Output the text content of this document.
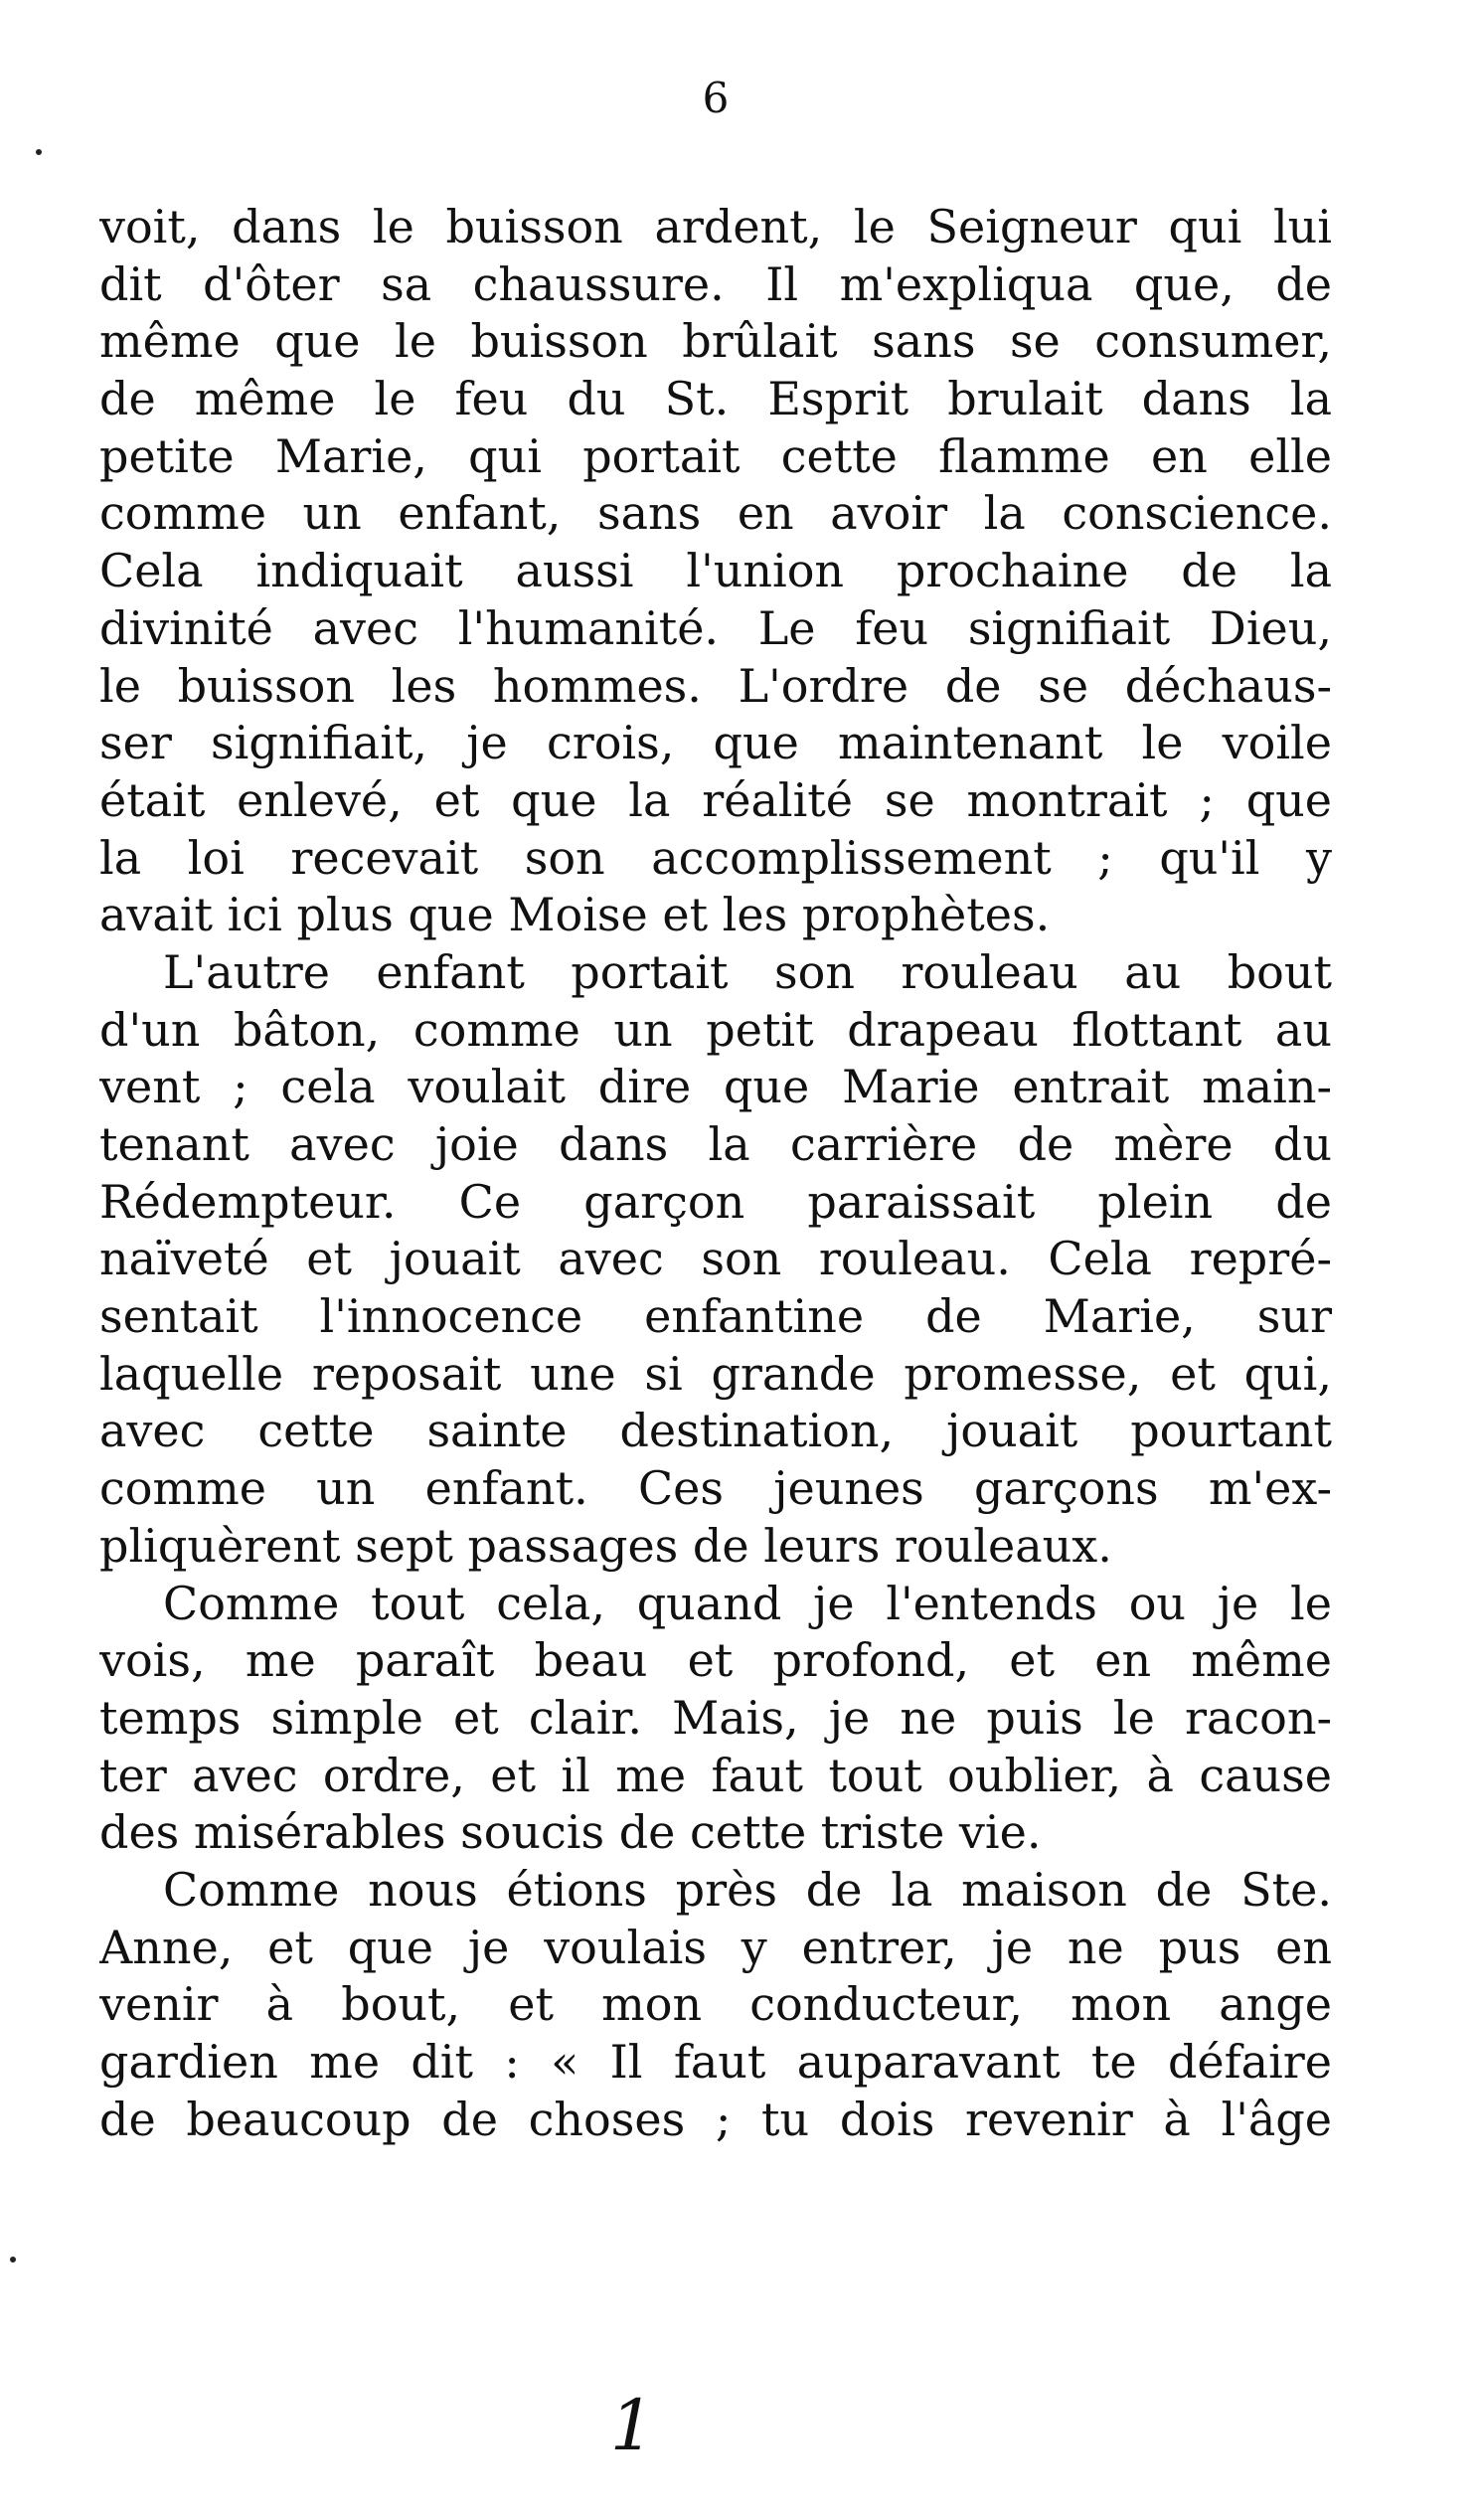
6
voit, dans le buisson ardent, le Seigneur qui lui
dit d'ôter sa chaussure. Il m'expliqua que, de
même que le buisson brûlait sans se consumer,
de même le feu du St. Esprit brulait dans la
petite Marie, qui portait cette flamme en elle
comme un enfant, sans en avoir la conscience.
Cela indiquait aussi l'union prochaine de la
divinité avec l'humanité. Le feu signifiait Dieu,
le buisson les hommes. L'ordre de se déchaus-
ser signifiait, je crois, que maintenant le voile
était enlevé, et que la réalité se montrait ; que
la loi recevait son accomplissement ; qu'il y
avait ici plus que Moise et les prophètes.
L'autre enfant portait son rouleau au bout
d'un bâton, comme un petit drapeau flottant au
vent ; cela voulait dire que Marie entrait main-
tenant avec joie dans la carrière de mère du
Rédempteur. Ce garçon paraissait plein de
naïveté et jouait avec son rouleau. Cela repré-
sentait l'innocence enfantine de Marie, sur
laquelle reposait une si grande promesse, et qui,
avec cette sainte destination, jouait pourtant
comme un enfant. Ces jeunes garçons m'ex-
pliquèrent sept passages de leurs rouleaux.
Comme tout cela, quand je l'entends ou je le
vois, me paraît beau et profond, et en même
temps simple et clair. Mais, je ne puis le racon-
ter avec ordre, et il me faut tout oublier, à cause
des misérables soucis de cette triste vie.
Comme nous étions près de la maison de Ste.
Anne, et que je voulais y entrer, je ne pus en
venir à bout, et mon conducteur, mon ange
gardien me dit : « Il faut auparavant te défaire
de beaucoup de choses ; tu dois revenir à l'âge
1
